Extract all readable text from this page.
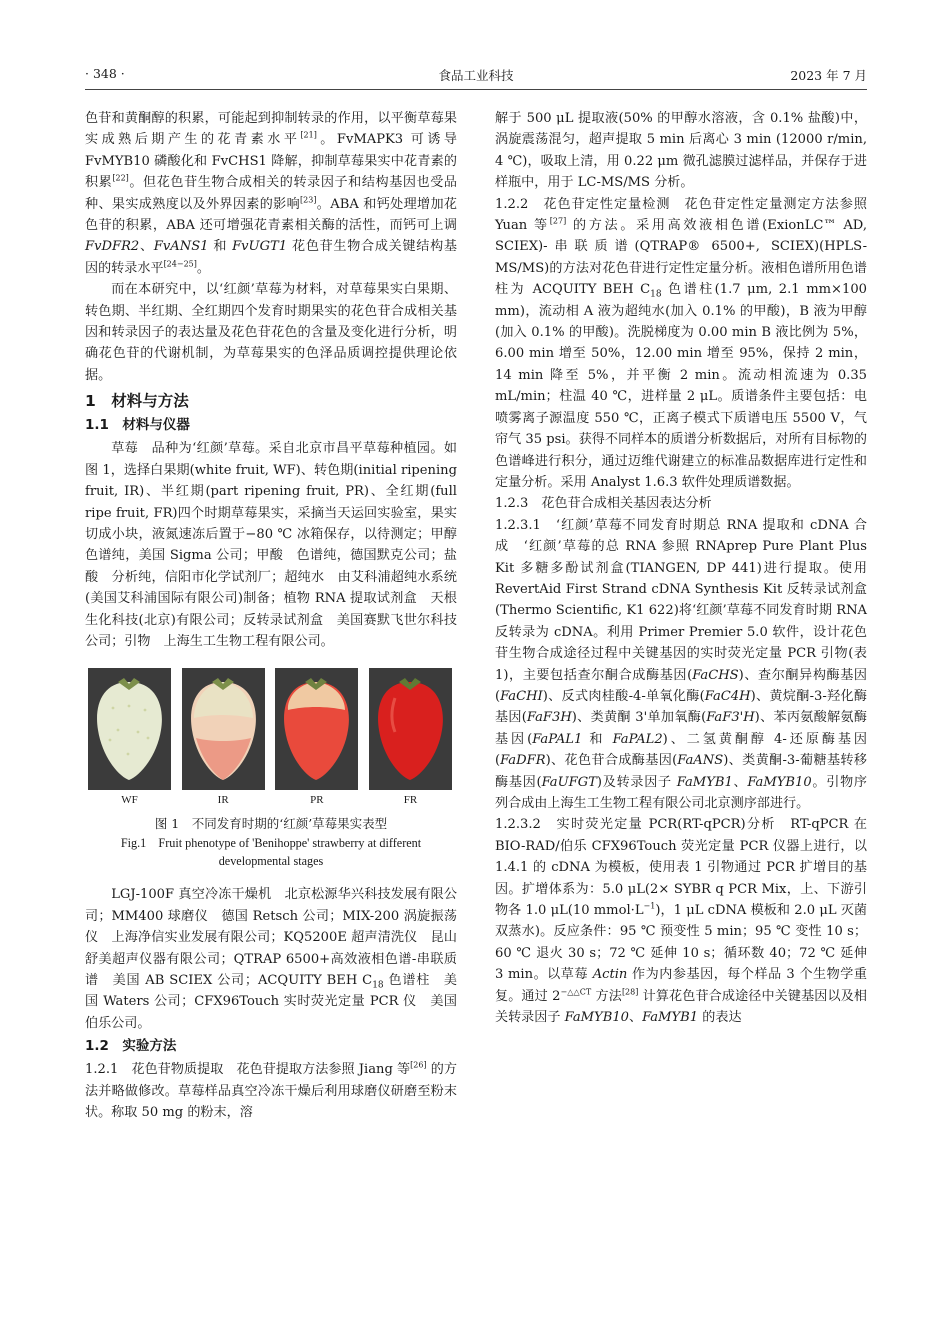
· 348 ·	食品工业科技	2023 年 7 月

色苷和黄酮醇的积累，可能起到抑制转录的作用，以平衡草莓果实成熟后期产生的花青素水平[21]。FvMAPK3 可诱导 FvMYB10 磷酸化和 FvCHS1 降解，抑制草莓果实中花青素的积累[22]。但花色苷生物合成相关的转录因子和结构基因也受品种、果实成熟度以及外界因素的影响[23]。ABA 和钙处理增加花色苷的积累，ABA 还可增强花青素相关酶的活性，而钙可上调 FvDFR2、FvANS1 和 FvUGT1 花色苷生物合成关键结构基因的转录水平[24−25]。

而在本研究中，以‘红颜’草莓为材料，对草莓果实白果期、转色期、半红期、全红期四个发育时期果实的花色苷合成相关基因和转录因子的表达量及花色苷花色的含量及变化进行分析，明确花色苷的代谢机制，为草莓果实的色泽品质调控提供理论依据。

1　材料与方法
1.1　材料与仪器

草莓　品种为‘红颜’草莓。采自北京市昌平草莓种植园。如图 1，选择白果期(white fruit, WF)、转色期(initial ripening fruit, IR)、半红期(part ripening fruit, PR)、全红期(full ripe fruit, FR)四个时期草莓果实，采摘当天运回实验室，果实切成小块，液氮速冻后置于−80 ℃ 冰箱保存，以待测定；甲醇　色谱纯，美国 Sigma 公司；甲酸　色谱纯，德国默克公司；盐酸　分析纯，信阳市化学试剂厂；超纯水　由艾科浦超纯水系统(美国艾科浦国际有限公司)制备；植物 RNA 提取试剂盒　天根生化科技(北京)有限公司；反转录试剂盒　美国赛默飞世尔科技公司；引物　上海生工生物工程有限公司。

WF	IR	PR	FR
图 1　不同发育时期的‘红颜’草莓果实表型
Fig.1　Fruit phenotype of 'Benihoppe' strawberry at different developmental stages

LGJ-100F 真空冷冻干燥机　北京松源华兴科技发展有限公司；MM400 球磨仪　德国 Retsch 公司；MIX-200 涡旋振荡仪　上海净信实业发展有限公司；KQ5200E 超声清洗仪　昆山舒美超声仪器有限公司；QTRAP 6500+高效液相色谱-串联质谱　美国 AB SCIEX 公司；ACQUITY BEH $C_{18}$ 色谱柱　美国 Waters 公司；CFX96Touch 实时荧光定量 PCR 仪　美国伯乐公司。

1.2　实验方法

1.2.1　花色苷物质提取　花色苷提取方法参照 Jiang 等[26] 的方法并略做修改。草莓样品真空冷冻干燥后利用球磨仪研磨至粉末状。称取 50 mg 的粉末，溶

解于 500 μL 提取液(50% 的甲醇水溶液，含 0.1% 盐酸)中，涡旋震荡混匀，超声提取 5 min 后离心 3 min (12000 r/min, 4 ℃)，吸取上清，用 0.22 μm 微孔滤膜过滤样品，并保存于进样瓶中，用于 LC-MS/MS 分析。

1.2.2　花色苷定性定量检测　花色苷定性定量测定方法参照 Yuan 等[27] 的方法。采用高效液相色谱(ExionLC™ AD, SCIEX)-串联质谱(QTRAP® 6500+, SCIEX)(HPLS-MS/MS)的方法对花色苷进行定性定量分析。液相色谱所用色谱柱为 ACQUITY BEH $C_{18}$ 色谱柱(1.7 μm, 2.1 mm×100 mm)，流动相 A 液为超纯水(加入 0.1% 的甲酸)，B 液为甲醇(加入 0.1% 的甲酸)。洗脱梯度为 0.00 min B 液比例为 5%，6.00 min 增至 50%，12.00 min 增至 95%，保持 2 min，14 min 降至 5%，并平衡 2 min。流动相流速为 0.35 mL/min；柱温 40 ℃，进样量 2 μL。质谱条件主要包括：电喷雾离子源温度 550 ℃，正离子模式下质谱电压 5500 V，气帘气 35 psi。获得不同样本的质谱分析数据后，对所有目标物的色谱峰进行积分，通过迈维代谢建立的标准品数据库进行定性和定量分析。采用 Analyst 1.6.3 软件处理质谱数据。

1.2.3　花色苷合成相关基因表达分析

1.2.3.1　‘红颜’草莓不同发育时期总 RNA 提取和 cDNA 合成　‘红颜’草莓的总 RNA 参照 RNAprep Pure Plant Plus Kit 多糖多酚试剂盒(TIANGEN, DP 441)进行提取。使用 RevertAid First Strand cDNA Synthesis Kit 反转录试剂盒(Thermo Scientific, K1 622)将‘红颜’草莓不同发育时期 RNA 反转录为 cDNA。利用 Primer Premier 5.0 软件，设计花色苷生物合成途径过程中关键基因的实时荧光定量 PCR 引物(表 1)，主要包括查尔酮合成酶基因(FaCHS)、查尔酮异构酶基因(FaCHI)、反式肉桂酸-4-单氧化酶(FaC4H)、黄烷酮-3-羟化酶基因(FaF3H)、类黄酮 3'单加氧酶(FaF3'H)、苯丙氨酸解氨酶基因(FaPAL1 和 FaPAL2)、二氢黄酮醇 4-还原酶基因(FaDFR)、花色苷合成酶基因(FaANS)、类黄酮-3-葡糖基转移酶基因(FaUFGT)及转录因子 FaMYB1、FaMYB10。引物序列合成由上海生工生物工程有限公司北京测序部进行。

1.2.3.2　实时荧光定量 PCR(RT-qPCR)分析　RT-qPCR 在 BIO-RAD/伯乐 CFX96Touch 荧光定量 PCR 仪器上进行，以 1.4.1 的 cDNA 为模板，使用表 1 引物通过 PCR 扩增目的基因。扩增体系为：5.0 μL(2× SYBR q PCR Mix，上、下游引物各 1.0 μL(10 $mmol\cdot L^{-1}$)，1 μL cDNA 模板和 2.0 μL 灭菌双蒸水)。反应条件：95 ℃ 预变性 5 min；95 ℃ 变性 10 s；60 ℃ 退火 30 s；72 ℃ 延伸 10 s；循环数 40；72 ℃ 延伸 3 min。以草莓 Actin 作为内参基因，每个样品 3 个生物学重复。通过 $2^{-\triangle\triangle CT}$ 方法[28] 计算花色苷合成途径中关键基因以及相关转录因子 FaMYB10、FaMYB1 的表达
